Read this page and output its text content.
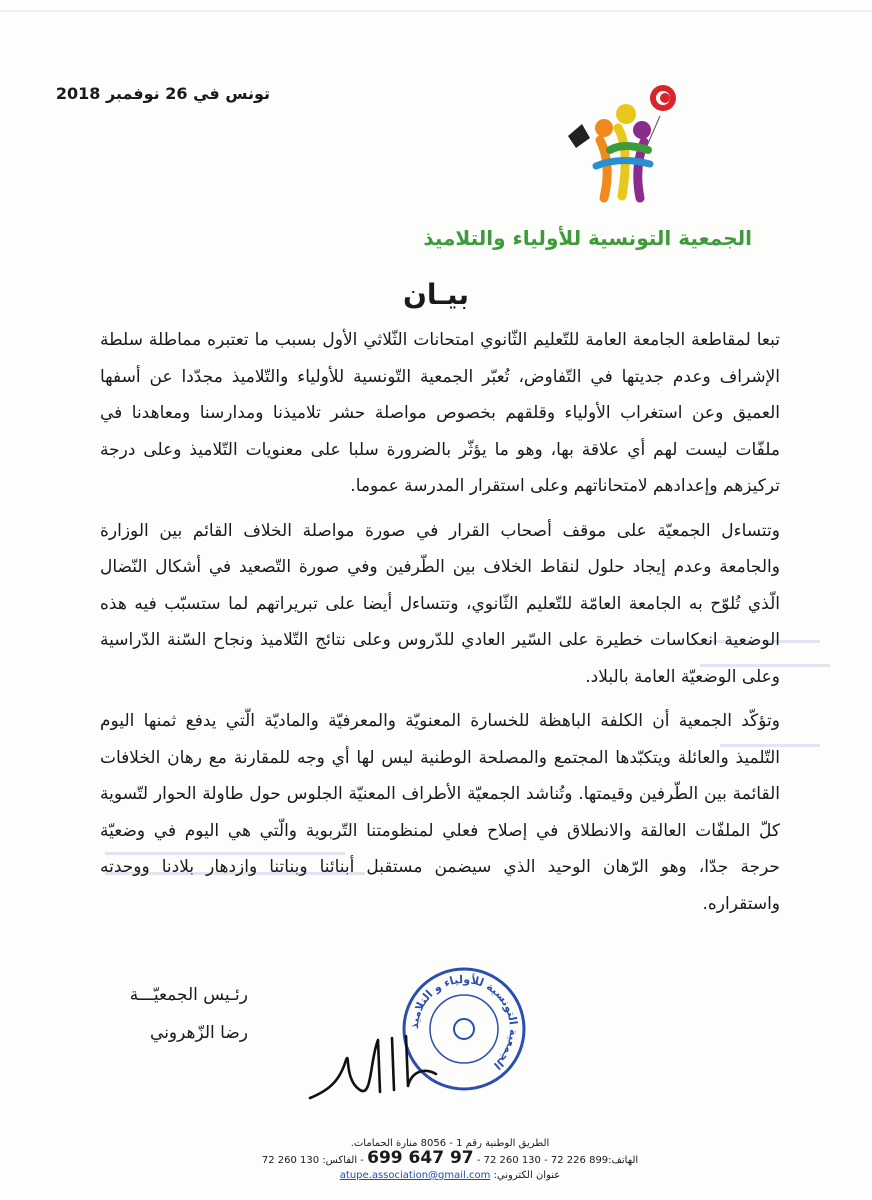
تونس في 26 نوفمبر 2018
الجمعية التونسية للأولياء والتلاميذ
بيـان

تبعا لمقاطعة الجامعة العامة للتّعليم الثّانوي امتحانات الثّلاثي الأول بسبب ما تعتبره مماطلة سلطة الإشراف وعدم جديتها في التّفاوض، تُعبّر الجمعية التّونسية للأولياء والتّلاميذ مجدّدا عن أسفها العميق وعن استغراب الأولياء وقلقهم بخصوص مواصلة حشر تلاميذنا ومدارسنا ومعاهدنا في ملفّات ليست لهم أي علاقة بها، وهو ما يؤثّر بالضرورة سلبا على معنويات التّلاميذ وعلى درجة تركيزهم وإعدادهم لامتحاناتهم وعلى استقرار المدرسة عموما.

وتتساءل الجمعيّة على موقف أصحاب القرار في صورة مواصلة الخلاف القائم بين الوزارة والجامعة وعدم إيجاد حلول لنقاط الخلاف بين الطّرفين وفي صورة التّصعيد في أشكال النّضال الّذي تُلوّح به الجامعة العامّة للتّعليم الثّانوي، وتتساءل أيضا على تبريراتهم لما ستسبّب فيه هذه الوضعية انعكاسات خطيرة على السّير العادي للدّروس وعلى نتائج التّلاميذ ونجاح السّنة الدّراسية وعلى الوضعيّة العامة بالبلاد.

وتؤكّد الجمعية أن الكلفة الباهظة للخسارة المعنويّة والمعرفيّة والماديّة الّتي يدفع ثمنها اليوم التّلميذ والعائلة ويتكبّدها المجتمع والمصلحة الوطنية ليس لها أي وجه للمقارنة مع رهان الخلافات القائمة بين الطّرفين وقيمتها. وتُناشد الجمعيّة الأطراف المعنيّة الجلوس حول طاولة الحوار لتّسوية كلّ الملفّات العالقة والانطلاق في إصلاح فعلي لمنظومتنا التّربوية والّتي هي اليوم في وضعيّة حرجة جدّا، وهو الرّهان الوحيد الذي سيضمن مستقبل أبنائنا وبناتنا وازدهار بلادنا ووحدته واستقراره.

رئـيس الجمعيّـــة
رضا الزّهروني	الجمعية التونسية للأولياء و التلاميذ
الطريق الوطنية رقم 1 - 8056 منارة الحمامات.
الهاتف:899 226 72 - 130 260 72 - 97 647 699 - الفاكس: 130 260 72
عنوان الكتروني: atupe.association@gmail.com
